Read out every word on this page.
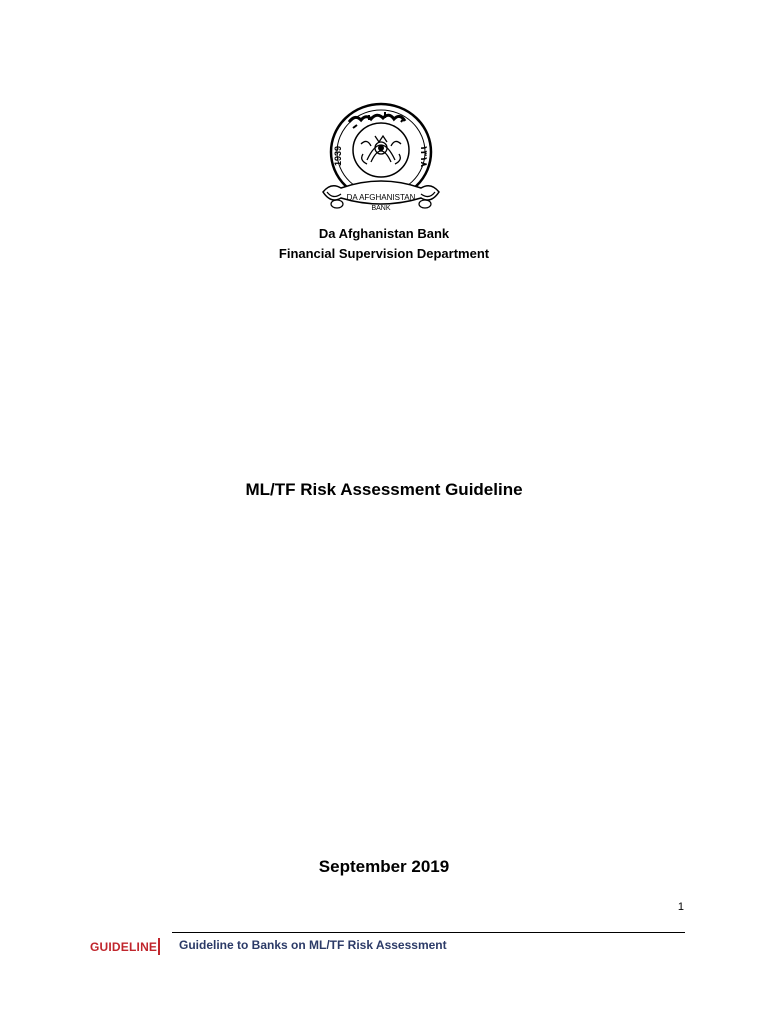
1939	۱۳۱۸
DA AFGHANISTAN
BANK
Da Afghanistan Bank
Financial Supervision Department
ML/TF Risk Assessment Guideline
September 2019
1
GUIDELINE Guideline to Banks on ML/TF Risk Assessment
